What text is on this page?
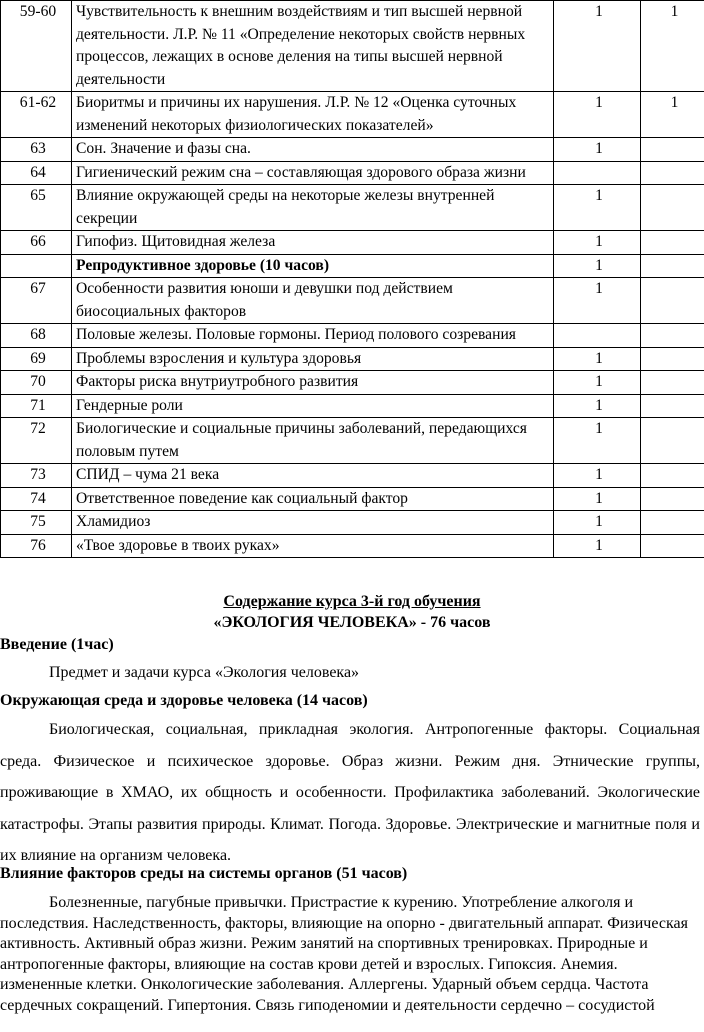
59-60	Чувствительность к внешним воздействиям и тип высшей нервной деятельности. Л.Р. № 11 «Определение некоторых свойств нервных процессов, лежащих в основе деления на типы высшей нервной деятельности	1	1
61-62	Биоритмы и причины их нарушения. Л.Р. № 12 «Оценка суточных изменений некоторых физиологических показателей»	1	1
63	Сон. Значение и фазы сна.	1	
64	Гигиенический режим сна – составляющая здорового образа жизни		
65	Влияние окружающей среды на некоторые железы внутренней секреции	1	
66	Гипофиз. Щитовидная железа	1	
	Репродуктивное здоровье (10 часов)	1	
67	Особенности развития юноши и девушки под действием биосоциальных факторов	1	
68	Половые железы. Половые гормоны. Период полового созревания		
69	Проблемы взросления и культура здоровья	1	
70	Факторы риска внутриутробного развития	1	
71	Гендерные роли	1	
72	Биологические и социальные причины заболеваний, передающихся половым путем	1	
73	СПИД – чума 21 века	1	
74	Ответственное поведение как социальный фактор	1	
75	Хламидиоз	1	
76	«Твое здоровье в твоих руках»	1	
Содержание курса 3-й год обучения
«ЭКОЛОГИЯ ЧЕЛОВЕКА» - 76 часов
Введение (1час)
Предмет и задачи курса «Экология человека»
Окружающая среда и здоровье человека (14 часов)
Биологическая, социальная, прикладная экология. Антропогенные факторы. Социальная среда. Физическое и психическое здоровье. Образ жизни. Режим дня. Этнические группы, проживающие в ХМАО, их общность и особенности. Профилактика заболеваний. Экологические катастрофы. Этапы развития природы. Климат. Погода. Здоровье. Электрические и магнитные поля и их влияние на организм человека.
Влияние факторов среды на системы органов (51 часов)
Болезненные, пагубные привычки. Пристрастие к курению. Употребление алкоголя и последствия. Наследственность, факторы, влияющие на опорно - двигательный аппарат. Физическая активность. Активный образ жизни. Режим занятий на спортивных тренировках. Природные и антропогенные факторы, влияющие на состав крови детей и взрослых. Гипоксия. Анемия. измененные клетки. Онкологические заболевания. Аллергены. Ударный объем сердца. Частота сердечных сокращений. Гипертония. Связь гиподеномии и деятельности сердечно – сосудистой
